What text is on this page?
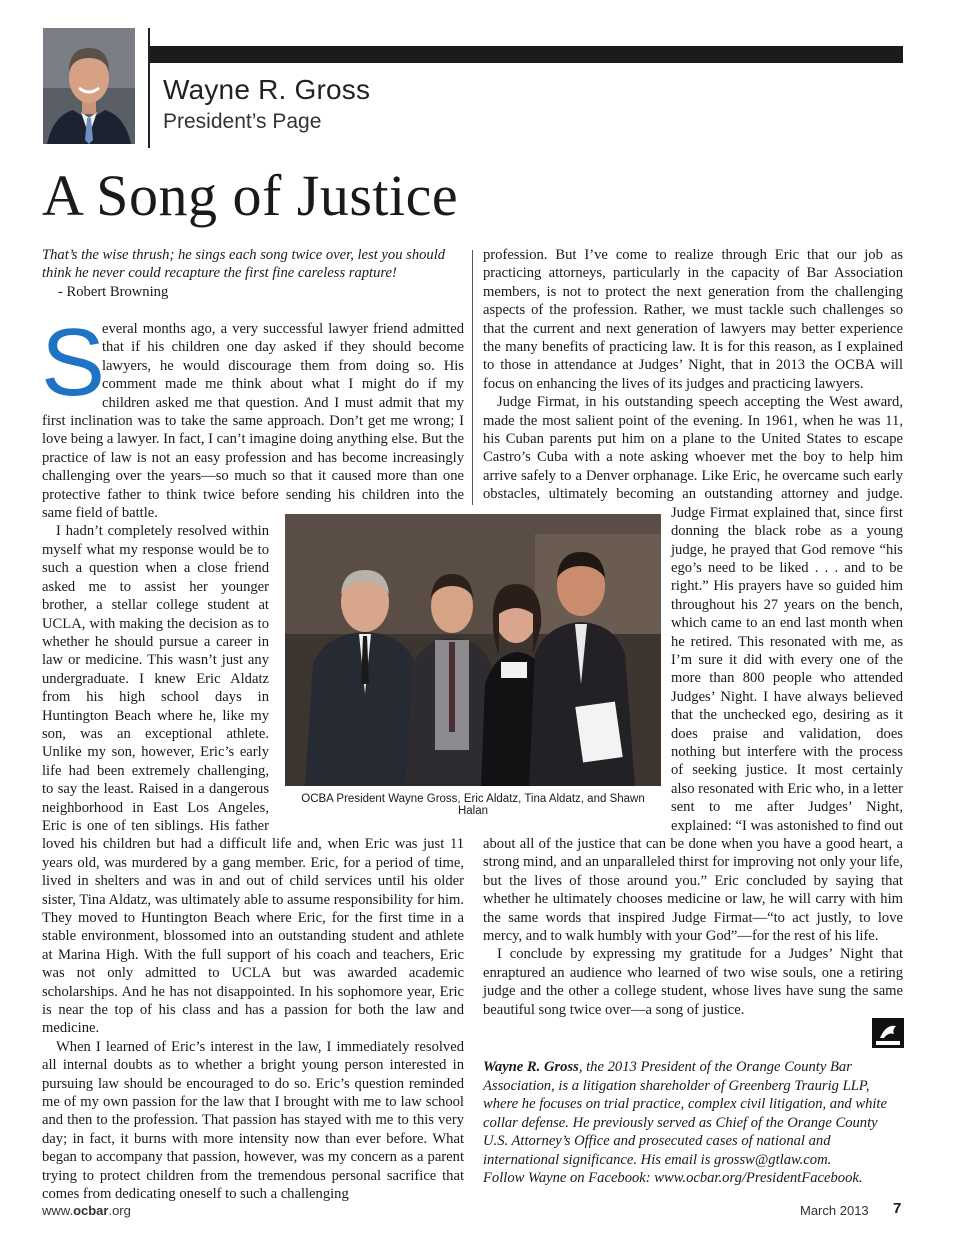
Wayne R. Gross
President’s Page
A Song of Justice
That’s the wise thrush; he sings each song twice over, lest you should think he never could recapture the first fine careless rapture!
- Robert Browning
S

everal months ago, a very successful lawyer friend admitted that if his children one day asked if they should become lawyers, he would discourage them from doing so. His comment made me think about what I might do if my children asked me that question. And I must admit that my first inclination was to take the same approach. Don’t get me wrong; I love being a lawyer. In fact, I can’t imagine doing anything else. But the practice of law is not an easy profession and has become increasingly challenging over the years—so much so that it caused more than one protective father to think twice before sending his children into the same field of battle.

I hadn’t completely resolved within myself what my response would be to such a question when a close friend asked me to assist her younger brother, a stellar college student at UCLA, with making the decision as to whether he should pursue a career in law or medicine. This wasn’t just any undergraduate. I knew Eric Aldatz from his high school days in Huntington Beach where he, like my son, was an exceptional athlete. Unlike my son, however, Eric’s early life had been extremely challenging, to say the least. Raised in a dangerous neighborhood in East Los Angeles, Eric is one of ten siblings. His father loved his children but had a difficult life and, when Eric was just 11 years old, was murdered by a gang member. Eric, for a period of time, lived in shelters and was in and out of child services until his older sister, Tina Aldatz, was ultimately able to assume responsibility for him. They moved to Huntington Beach where Eric, for the first time in a stable environment, blossomed into an outstanding student and athlete at Marina High. With the full support of his coach and teachers, Eric was not only admitted to UCLA but was awarded academic scholarships. And he has not disappointed. In his sophomore year, Eric is near the top of his class and has a passion for both the law and medicine.

When I learned of Eric’s interest in the law, I immediately resolved all internal doubts as to whether a bright young person interested in pursuing law should be encouraged to do so. Eric’s question reminded me of my own passion for the law that I brought with me to law school and then to the profession. That passion has stayed with me to this very day; in fact, it burns with more intensity now than ever before. What began to accompany that passion, however, was my concern as a parent trying to protect children from the tremendous personal sacrifice that comes from dedicating oneself to such a challenging

profession. But I’ve come to realize through Eric that our job as practicing attorneys, particularly in the capacity of Bar Association members, is not to protect the next generation from the challenging aspects of the profession. Rather, we must tackle such challenges so that the current and next generation of lawyers may better experience the many benefits of practicing law. It is for this reason, as I explained to those in attendance at Judges’ Night, that in 2013 the OCBA will focus on enhancing the lives of its judges and practicing lawyers.

Judge Firmat, in his outstanding speech accepting the West award, made the most salient point of the evening. In 1961, when he was 11, his Cuban parents put him on a plane to the United States to escape Castro’s Cuba with a note asking whoever met the boy to help him arrive safely to a Denver orphanage. Like Eric, he overcame such early obstacles, ultimately becoming an outstanding attorney and judge. Judge Firmat explained that, since first donning the black robe as a young judge, he prayed that God remove “his ego’s need to be liked . . . and to be right.” His prayers have so guided him throughout his 27 years on the bench, which came to an end last month when he retired. This resonated with me, as I’m sure it did with every one of the more than 800 people who attended Judges’ Night. I have always believed that the unchecked ego, desiring as it does praise and validation, does nothing but interfere with the process of seeking justice. It most certainly also resonated with Eric who, in a letter sent to me after Judges’ Night, explained: “I was astonished to find out about all of the justice that can be done when you have a good heart, a strong mind, and an unparalleled thirst for improving not only your life, but the lives of those around you.” Eric concluded by saying that whether he ultimately chooses medicine or law, he will carry with him the same words that inspired Judge Firmat—“to act justly, to love mercy, and to walk humbly with your God”—for the rest of his life.

I conclude by expressing my gratitude for a Judges’ Night that enraptured an audience who learned of two wise souls, one a retiring judge and the other a college student, whose lives have sung the same beautiful song twice over—a song of justice.

OCBA President Wayne Gross, Eric Aldatz, Tina Aldatz, and Shawn Halan
Wayne R. Gross, the 2013 President of the Orange County Bar Association, is a litigation shareholder of Greenberg Traurig LLP, where he focuses on trial practice, complex civil litigation, and white collar defense. He previously served as Chief of the Orange County U.S. Attorney’s Office and prosecuted cases of national and international significance. His email is grossw@gtlaw.com.
Follow Wayne on Facebook: www.ocbar.org/PresidentFacebook.
www.ocbar.org	March 2013 7
